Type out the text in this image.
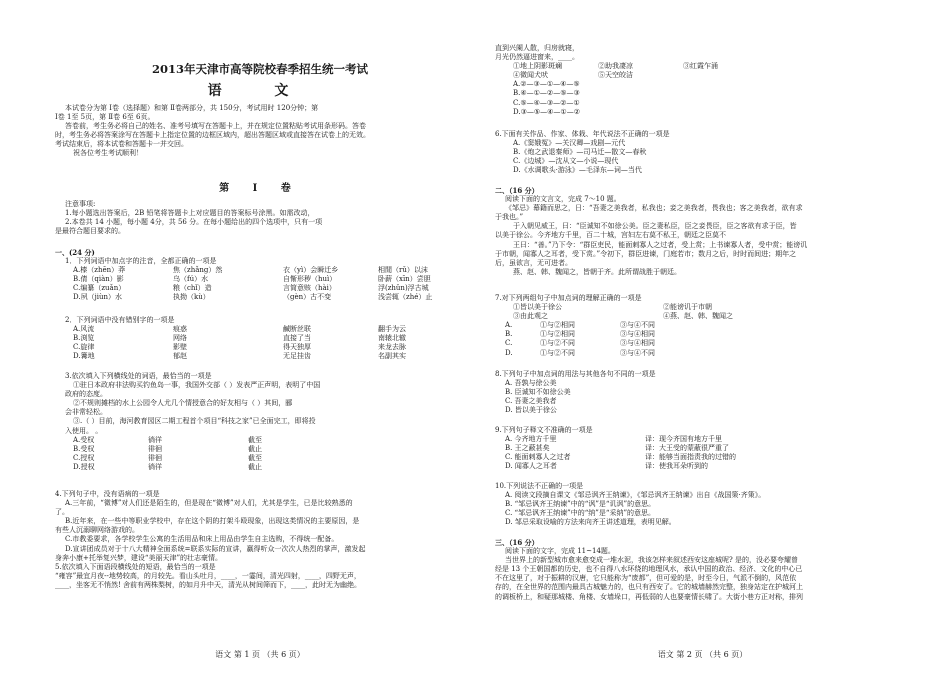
2013年天津市高等院校春季招生统一考试
语 文
本试卷分为第 Ⅰ卷（选择题）和第 Ⅱ卷两部分，共 150分，考试用时 120分钟；第
Ⅰ卷 1至 5页，第 Ⅱ卷 6至 6页。
答卷前，考生务必将自己的姓名、准考号填写在答题卡上，并在规定位置粘贴考试用条形码。答卷
时，考生务必将答案涂写在答题卡上指定位置的边框区域内，超出答题区域或直接答在试卷上的无效。
考试结束后，将本试卷和答题卡一并交回。
祝各位考生考试顺利！
第 Ⅰ 卷
注意事项:
1.每小题选出答案后，2B 铅笔将答题卡上对应题目的答案标号涂黑。如需改动，
2.本卷共 14 小题，每小题 4分，共 56 分。在每小题给出的四个选项中，只有一项
是最符合题目要求的。
一、(24 分)
1．下列词语中加点字的注音，全都正确的一项是
A.榛（zhēn）莽	焦（zhǎng）然	衣（yì）会瞬迁乡	相閒（rǔ）以沫
B.倩（qiàn）影	乌（fú）水	自惭形秽（huì）	卧薪（xīn）尝胆
C.编纂（zuǎn）	粮（chǐ）造	言简意赅（hài）	浮(zhǔn)浮古城
D.夙（jiùn）水	执拗（kù）	（gèn）古不变	浅尝辄（zhé）止
2．下列词语中没有错别字的一项是
A.风流	痕惑	鹹断丝联	翻手为云
B.渕览	网络	直接了当	南辕北辙
C.旋律	影壁	得天独厚	来龙去脉
D.篝地	郁赵	无足挂齿	名副其实
3.依次填入下列横线处的词语，最恰当的一项是
①驻日本政府非法购买钓鱼岛一事，我国外交部（ ）发表严正声明，表明了中国
政府的态度。
②不规则摊档的水上公园令人尤几个情授意合的好友相与（ ）其间，郦
会非常轻松。
③.（ ）目前，海河教育园区二期工程首个项目“科技之家”已全面完工，即将投
入使用。 。
A.受权	徜徉	截至
B.受权	徘徊	截止
C.授权	徘徊	截至
D.授权	徜徉	截止
4.下列句子中，没有语病的一项是
A.三年前，“微博”对人们还是陌生的，但是现在“微博”对人们，尤其是学生，已是比较熟悉的
了。
B.近年来，在一些中等职业学校中，存在这个阴的打架斗殴现象，出现这类情况的主要原因，是
有些人沉溺聊网络游戏的。
C.市教委要求，各学校学生公寓的生活用品和床上用品由学生自主选购，不得统一配备。
D.宣讲团成员对于十八大精神全面系统=联系实际的宣讲，赢得听众一次次人热烈的掌声，激发起
身奔小康+托举复兴梦，建设“美丽天津”的壮志豪情。
5.依次填入下面语段横线处的短语，最恰当的一项是
“雍容”最宜月夜--地势较高，的月较先。看山头吐月，____，一霎间，清光四射，____，四野无声，
____，坐客无不悄然! 舍前有两株梨树，的如月升中天，清光从树间筛而下，____，此时无为幽绝。
语文 第 1 页 （共 6 页）
直到兴阑人散，归房就寝，
月光仍然逼进窗来，____。
①地上阴影斑斓	②助我凄凉	③红霞乍涌
④微闻犬吠	⑤天空皎洁
A.②—③—①—④—⑤
B.④—①—②—⑤—③
C.⑤—④—③—②—①
D.③—⑤—④—①—②
6.下面有关作品、作家、体栽、年代说法不正确的一项是
A.《窦娥冤》—关汉卿—戏剧—元代
B.《炮之武退秦师》—司马迁—散文—春秋
C.《边城》—沈从文—小说—现代
D.《水调歌头·游泳》—毛泽东—词—当代
二、（16 分）
阅读下面的文言文，完成 7～10 题。
《邹忌》幕籍而思之，日：“吾妻之美我者，私我也；妾之美我者，畏我也；客之美我者，欲有求
于我也。”
于入朝见威王，曰：“臣诚知不如徐公美。臣之妻私臣，臣之妾畏臣，臣之客欲有求于臣，皆
以美于徐公。今齐地方千里，百二十城，宫妇左右莫不私王，朝廷之臣莫不
王曰：“善。”乃下令：“群臣吏民，能面刺寡人之过者，受上赏；上书谏寡人者，受中赏；能谤讥
于市朝，闻寡人之耳者，受下赏。”令初下，群臣进谏，门庭若市；数月之后，时时而间进；期年之
后，虽欲言，无可进者。
燕、赵、韩、魏闻之，皆朝于齐。此所谓战胜于朝廷。
7.对下列两组句子中加点词的理解正确的一项是
①皆以美于徐公	②能谤讥于市朝
③由此观之	④燕、赵、韩、魏闻之
A.	①与②相同	③与④不同
B.	①与②相同	③与④相同
C.	①与②不同	③与④相同
D.	①与②不同	③与④不同
8.下列句子中加点词的用法与其他各句不同的一项是
A. 吾孰与徐公美
B. 臣诚知不如徐公美
C. 吾妻之美我者
D. 皆以美于徐公
9.下列句子释文不准确的一项是
A. 今齐地方千里	译：现今齐国有地方千里
B. 王之蔽甚矣	译：大王受的蒙蔽很严重了
C. 能面刺寡人之过者	译：能够当面指责我的过错的
D. 闻寡人之耳者	译：使我耳朵听到的
10.下列说法不正确的一项是
A. 阅读文段摘自课文《邹忌讽齐王纳谏》，《邹忌讽齐王纳谏》出自《战国策·齐策》。
B. “邹忌讽齐王纳谏”中的“讽”是“讥讽”的意思。
C. “邹忌讽齐王纳谏”中的“纳”是“采纳”的意思。
D. 邹忌采取设喻的方法来向齐王讲述道理，表明见解。
三、（16 分）
阅读下面的文字，完成 11~14题。
当世界上的新型城市愈来愈变成一堆水泥，我该怎样来叙述西安这座城呢? 是的，没必要夸耀曾
经是 13 个王朝国都的历史，也不自得八水环绕的地理风水，承认中国的政治、经济、文化的中心已
不在这里了，对于振耕的汉唐，它只能称为“废都”，但可爱的是，时至今日，气派不倒的，风范依
存的，在全世界的范围内最具古城魅力的，也只有西安了。它的城墙赫然完整，独身站定在护城河上
的调板桥上，和疑那城楼、角楼、女墙垛口，再低弱的人也要豪情长啸了。大街小巷方正对称，排列
语文 第 2 页 （共 6 页）
